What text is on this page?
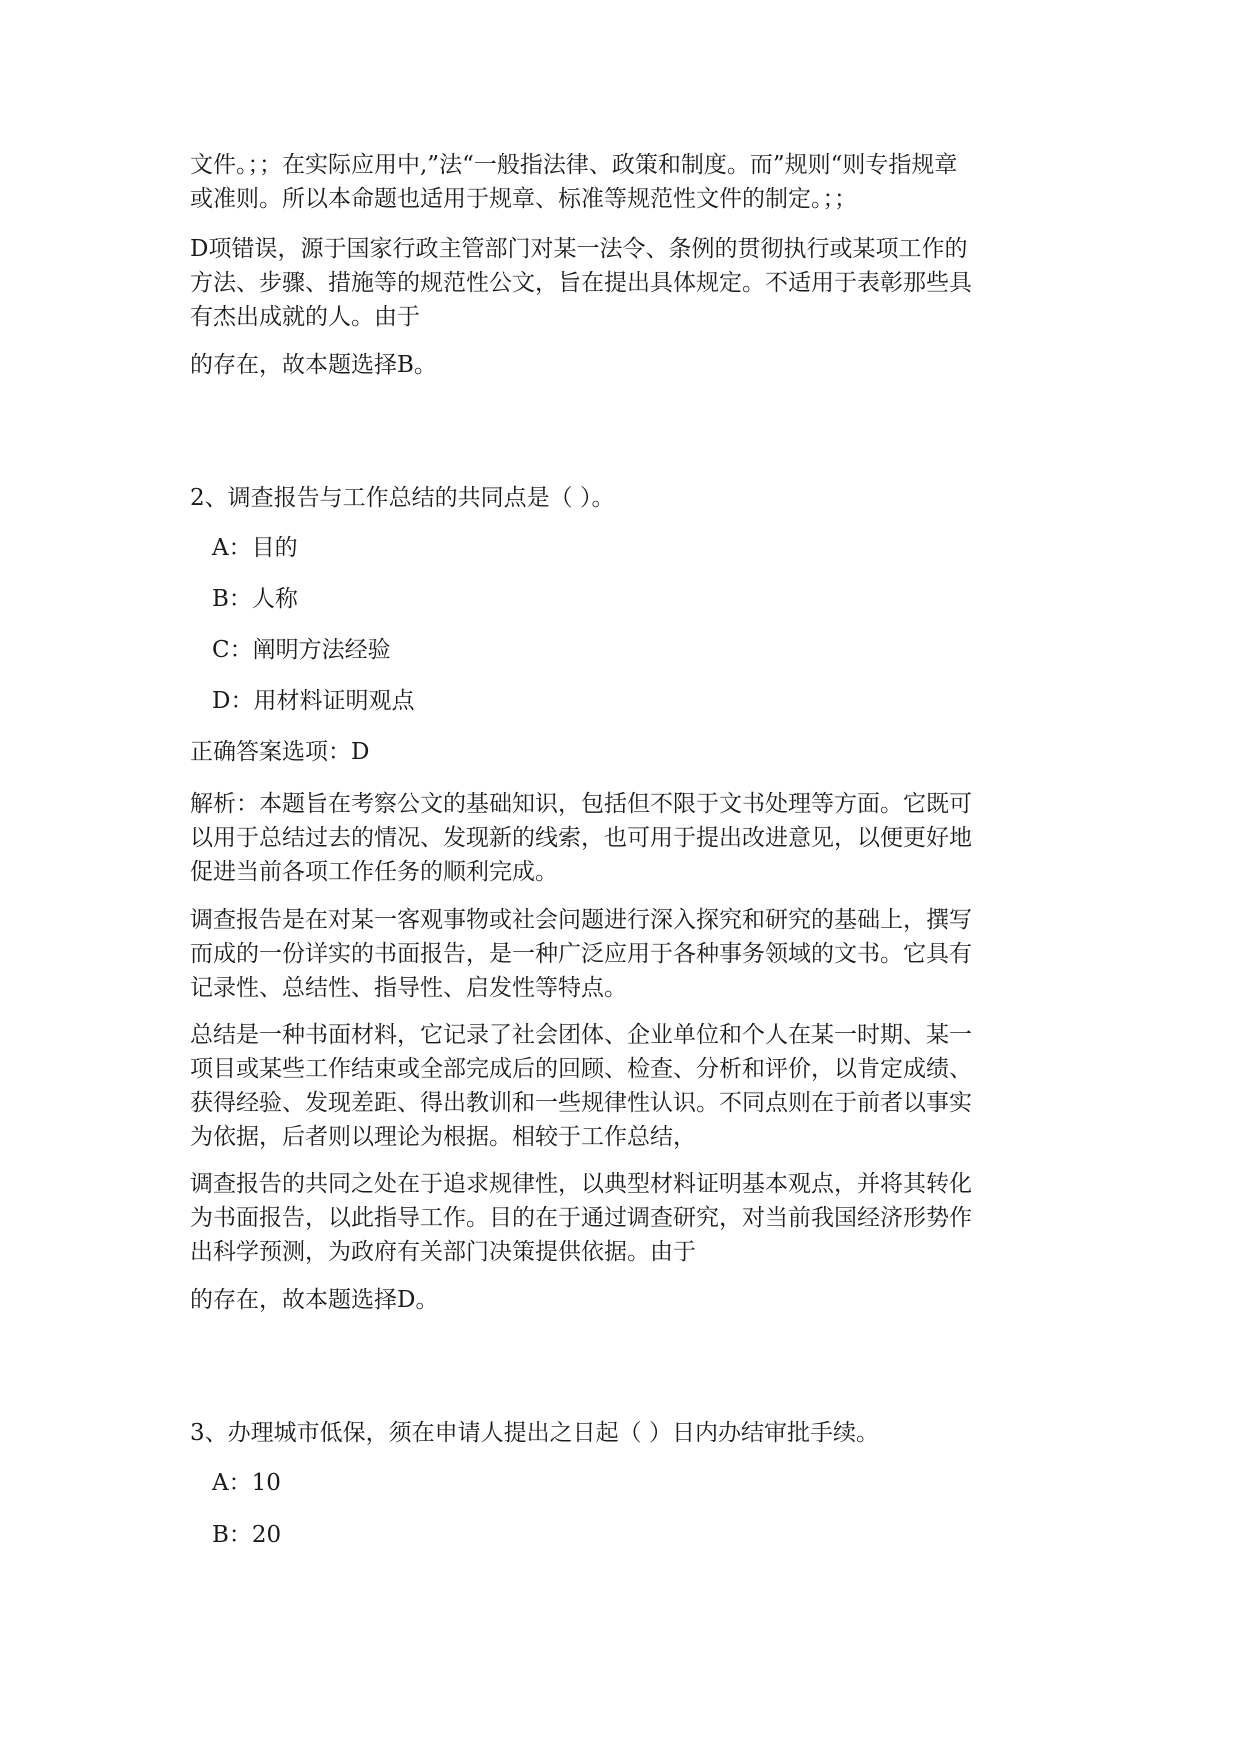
文件。；；在实际应用中,”法“一般指法律、政策和制度。而”规则“则专指规章
或准则。所以本命题也适用于规章、标准等规范性文件的制定。；；
D项错误，源于国家行政主管部门对某一法令、条例的贯彻执行或某项工作的
方法、步骤、措施等的规范性公文，旨在提出具体规定。不适用于表彰那些具
有杰出成就的人。由于
的存在，故本题选择B。
2、调查报告与工作总结的共同点是（ ）。
A：目的
B：人称
C：阐明方法经验
D：用材料证明观点
正确答案选项：D
解析：本题旨在考察公文的基础知识，包括但不限于文书处理等方面。它既可
以用于总结过去的情况、发现新的线索，也可用于提出改进意见，以便更好地
促进当前各项工作任务的顺利完成。
调查报告是在对某一客观事物或社会问题进行深入探究和研究的基础上，撰写
而成的一份详实的书面报告，是一种广泛应用于各种事务领域的文书。它具有
记录性、总结性、指导性、启发性等特点。
总结是一种书面材料，它记录了社会团体、企业单位和个人在某一时期、某一
项目或某些工作结束或全部完成后的回顾、检查、分析和评价，以肯定成绩、
获得经验、发现差距、得出教训和一些规律性认识。不同点则在于前者以事实
为依据，后者则以理论为根据。相较于工作总结，
调查报告的共同之处在于追求规律性，以典型材料证明基本观点，并将其转化
为书面报告，以此指导工作。目的在于通过调查研究，对当前我国经济形势作
出科学预测，为政府有关部门决策提供依据。由于
的存在，故本题选择D。
3、办理城市低保，须在申请人提出之日起（ ）日内办结审批手续。
A：10
B：20
